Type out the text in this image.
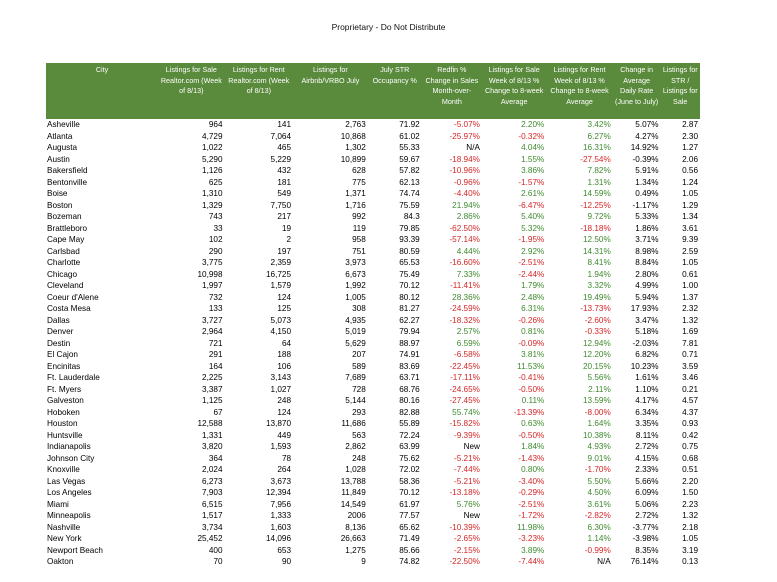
Proprietary - Do Not Distribute
City	Listings for Sale Realtor.com (Week of 8/13)	Listings for Rent Realtor.com (Week of 8/13)	Listings for Airbnb/VRBO July	July STR Occupancy %	Redfin % Change in Sales Month-over-Month	Listings for Sale Week of 8/13 % Change to 8-week Average	Listings for Rent Week of 8/13 % Change to 8-week Average	Change in Average Daily Rate (June to July)	Listings for STR / Listings for Sale
Asheville	964	141	2,763	71.92	-5.07%	2.20%	3.42%	5.07%	2.87
Atlanta	4,729	7,064	10,868	61.02	-25.97%	-0.32%	6.27%	4.27%	2.30
Augusta	1,022	465	1,302	55.33	N/A	4.04%	16.31%	14.92%	1.27
Austin	5,290	5,229	10,899	59.67	-18.94%	1.55%	-27.54%	-0.39%	2.06
Bakersfield	1,126	432	628	57.82	-10.96%	3.86%	7.82%	5.91%	0.56
Bentonville	625	181	775	62.13	-0.96%	-1.57%	1.31%	1.34%	1.24
Boise	1,310	549	1,371	74.74	-4.40%	2.61%	14.59%	0.49%	1.05
Boston	1,329	7,750	1,716	75.59	21.94%	-6.47%	-12.25%	-1.17%	1.29
Bozeman	743	217	992	84.3	2.86%	5.40%	9.72%	5.33%	1.34
Brattleboro	33	19	119	79.85	-62.50%	5.32%	-18.18%	1.86%	3.61
Cape May	102	2	958	93.39	-57.14%	-1.95%	12.50%	3.71%	9.39
Carlsbad	290	197	751	80.59	4.44%	2.92%	14.31%	8.98%	2.59
Charlotte	3,775	2,359	3,973	65.53	-16.60%	-2.51%	8.41%	8.84%	1.05
Chicago	10,998	16,725	6,673	75.49	7.33%	-2.44%	1.94%	2.80%	0.61
Cleveland	1,997	1,579	1,992	70.12	-11.41%	1.79%	3.32%	4.99%	1.00
Coeur d'Alene	732	124	1,005	80.12	28.36%	2.48%	19.49%	5.94%	1.37
Costa Mesa	133	125	308	81.27	-24.59%	6.31%	-13.73%	17.93%	2.32
Dallas	3,727	5,073	4,935	62.27	-18.32%	-0.26%	-2.60%	3.47%	1.32
Denver	2,964	4,150	5,019	79.94	2.57%	0.81%	-0.33%	5.18%	1.69
Destin	721	64	5,629	88.97	6.59%	-0.09%	12.94%	-2.03%	7.81
El Cajon	291	188	207	74.91	-6.58%	3.81%	12.20%	6.82%	0.71
Encinitas	164	106	589	83.69	-22.45%	11.53%	20.15%	10.23%	3.59
Ft. Lauderdale	2,225	3,143	7,689	63.71	-17.11%	-0.41%	5.56%	1.61%	3.46
Ft. Myers	3,387	1,027	728	68.76	-24.65%	-0.50%	2.11%	1.10%	0.21
Galveston	1,125	248	5,144	80.16	-27.45%	0.11%	13.59%	4.17%	4.57
Hoboken	67	124	293	82.88	55.74%	-13.39%	-8.00%	6.34%	4.37
Houston	12,588	13,870	11,686	55.89	-15.82%	0.63%	1.64%	3.35%	0.93
Huntsville	1,331	449	563	72.24	-9.39%	-0.50%	10.38%	8.11%	0.42
Indianapolis	3,820	1,593	2,862	63.99	New	1.84%	4.93%	2.72%	0.75
Johnson City	364	78	248	75.62	-5.21%	-1.43%	9.01%	4.15%	0.68
Knoxville	2,024	264	1,028	72.02	-7.44%	0.80%	-1.70%	2.33%	0.51
Las Vegas	6,273	3,673	13,788	58.36	-5.21%	-3.40%	5.50%	5.66%	2.20
Los Angeles	7,903	12,394	11,849	70.12	-13.18%	-0.29%	4.50%	6.09%	1.50
Miami	6,515	7,956	14,549	61.97	5.76%	-2.51%	3.61%	5.06%	2.23
Minneapolis	1,517	1,333	2006	77.57	New	-1.72%	-2.82%	2.72%	1.32
Nashville	3,734	1,603	8,136	65.62	-10.39%	11.98%	6.30%	-3.77%	2.18
New York	25,452	14,096	26,663	71.49	-2.65%	-3.23%	1.14%	-3.98%	1.05
Newport Beach	400	653	1,275	85.66	-2.15%	3.89%	-0.99%	8.35%	3.19
Oakton	70	90	9	74.82	-22.50%	-7.44%	N/A	76.14%	0.13
